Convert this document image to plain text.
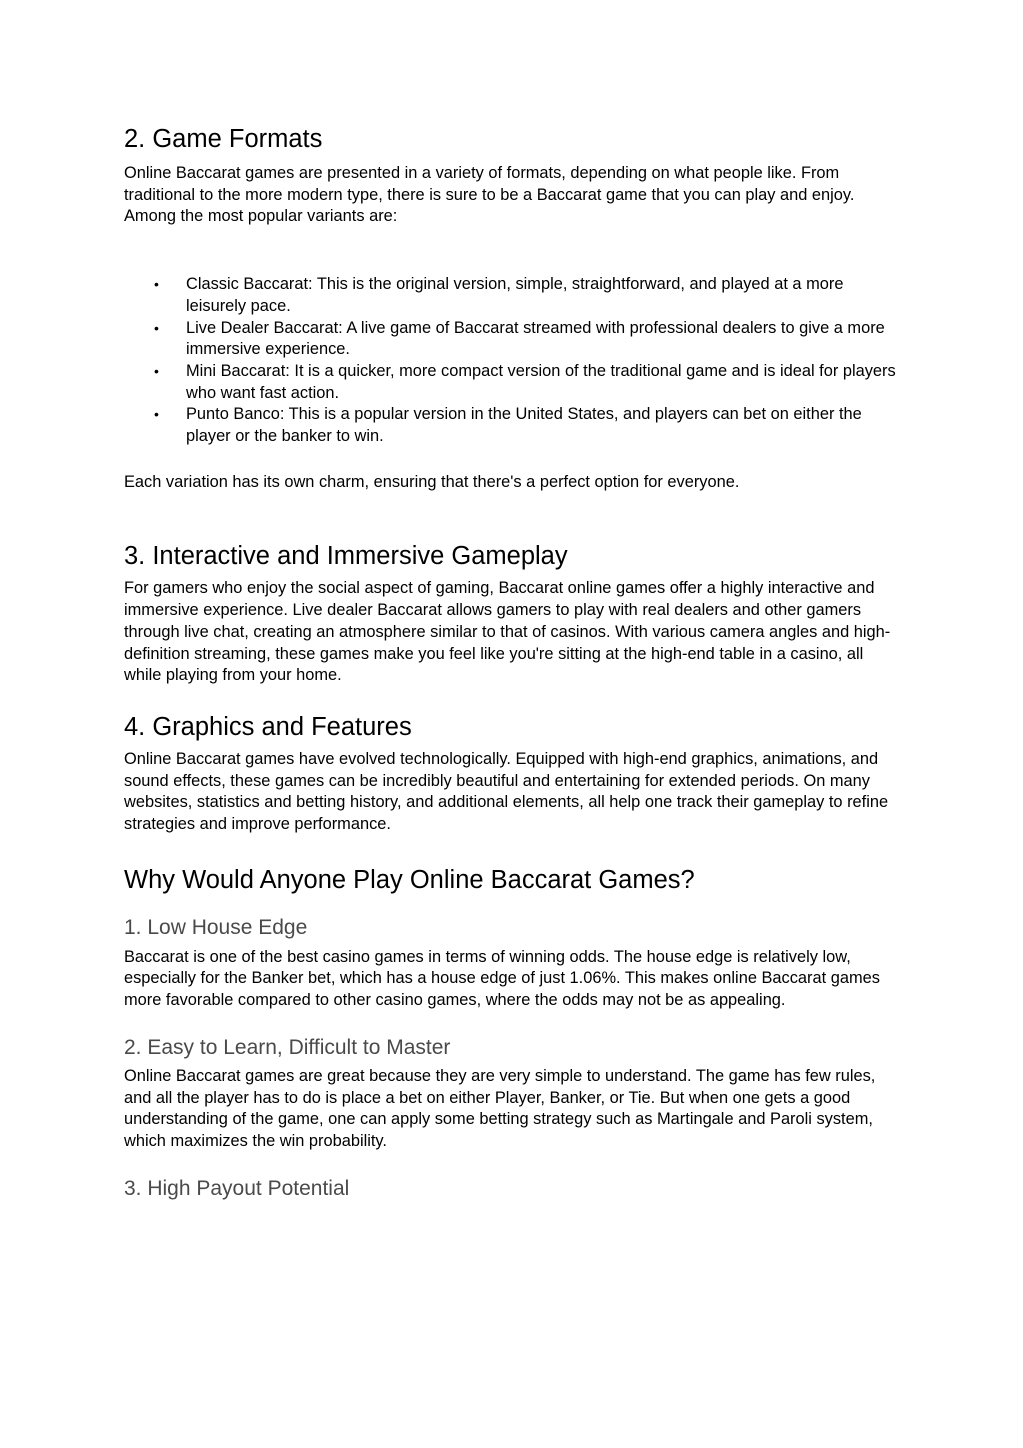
2. Game Formats

Online Baccarat games are presented in a variety of formats, depending on what people like. From traditional to the more modern type, there is sure to be a Baccarat game that you can play and enjoy. Among the most popular variants are:

• Classic Baccarat: This is the original version, simple, straightforward, and played at a more leisurely pace.
• Live Dealer Baccarat: A live game of Baccarat streamed with professional dealers to give a more immersive experience.
• Mini Baccarat: It is a quicker, more compact version of the traditional game and is ideal for players who want fast action.
• Punto Banco: This is a popular version in the United States, and players can bet on either the player or the banker to win.

Each variation has its own charm, ensuring that there's a perfect option for everyone.

3. Interactive and Immersive Gameplay

For gamers who enjoy the social aspect of gaming, Baccarat online games offer a highly interactive and immersive experience. Live dealer Baccarat allows gamers to play with real dealers and other gamers through live chat, creating an atmosphere similar to that of casinos. With various camera angles and high-definition streaming, these games make you feel like you're sitting at the high-end table in a casino, all while playing from your home.

4. Graphics and Features

Online Baccarat games have evolved technologically. Equipped with high-end graphics, animations, and sound effects, these games can be incredibly beautiful and entertaining for extended periods. On many websites, statistics and betting history, and additional elements, all help one track their gameplay to refine strategies and improve performance.

Why Would Anyone Play Online Baccarat Games?
1. Low House Edge

Baccarat is one of the best casino games in terms of winning odds. The house edge is relatively low, especially for the Banker bet, which has a house edge of just 1.06%. This makes online Baccarat games more favorable compared to other casino games, where the odds may not be as appealing.

2. Easy to Learn, Difficult to Master

Online Baccarat games are great because they are very simple to understand. The game has few rules, and all the player has to do is place a bet on either Player, Banker, or Tie. But when one gets a good understanding of the game, one can apply some betting strategy such as Martingale and Paroli system, which maximizes the win probability.

3. High Payout Potential
